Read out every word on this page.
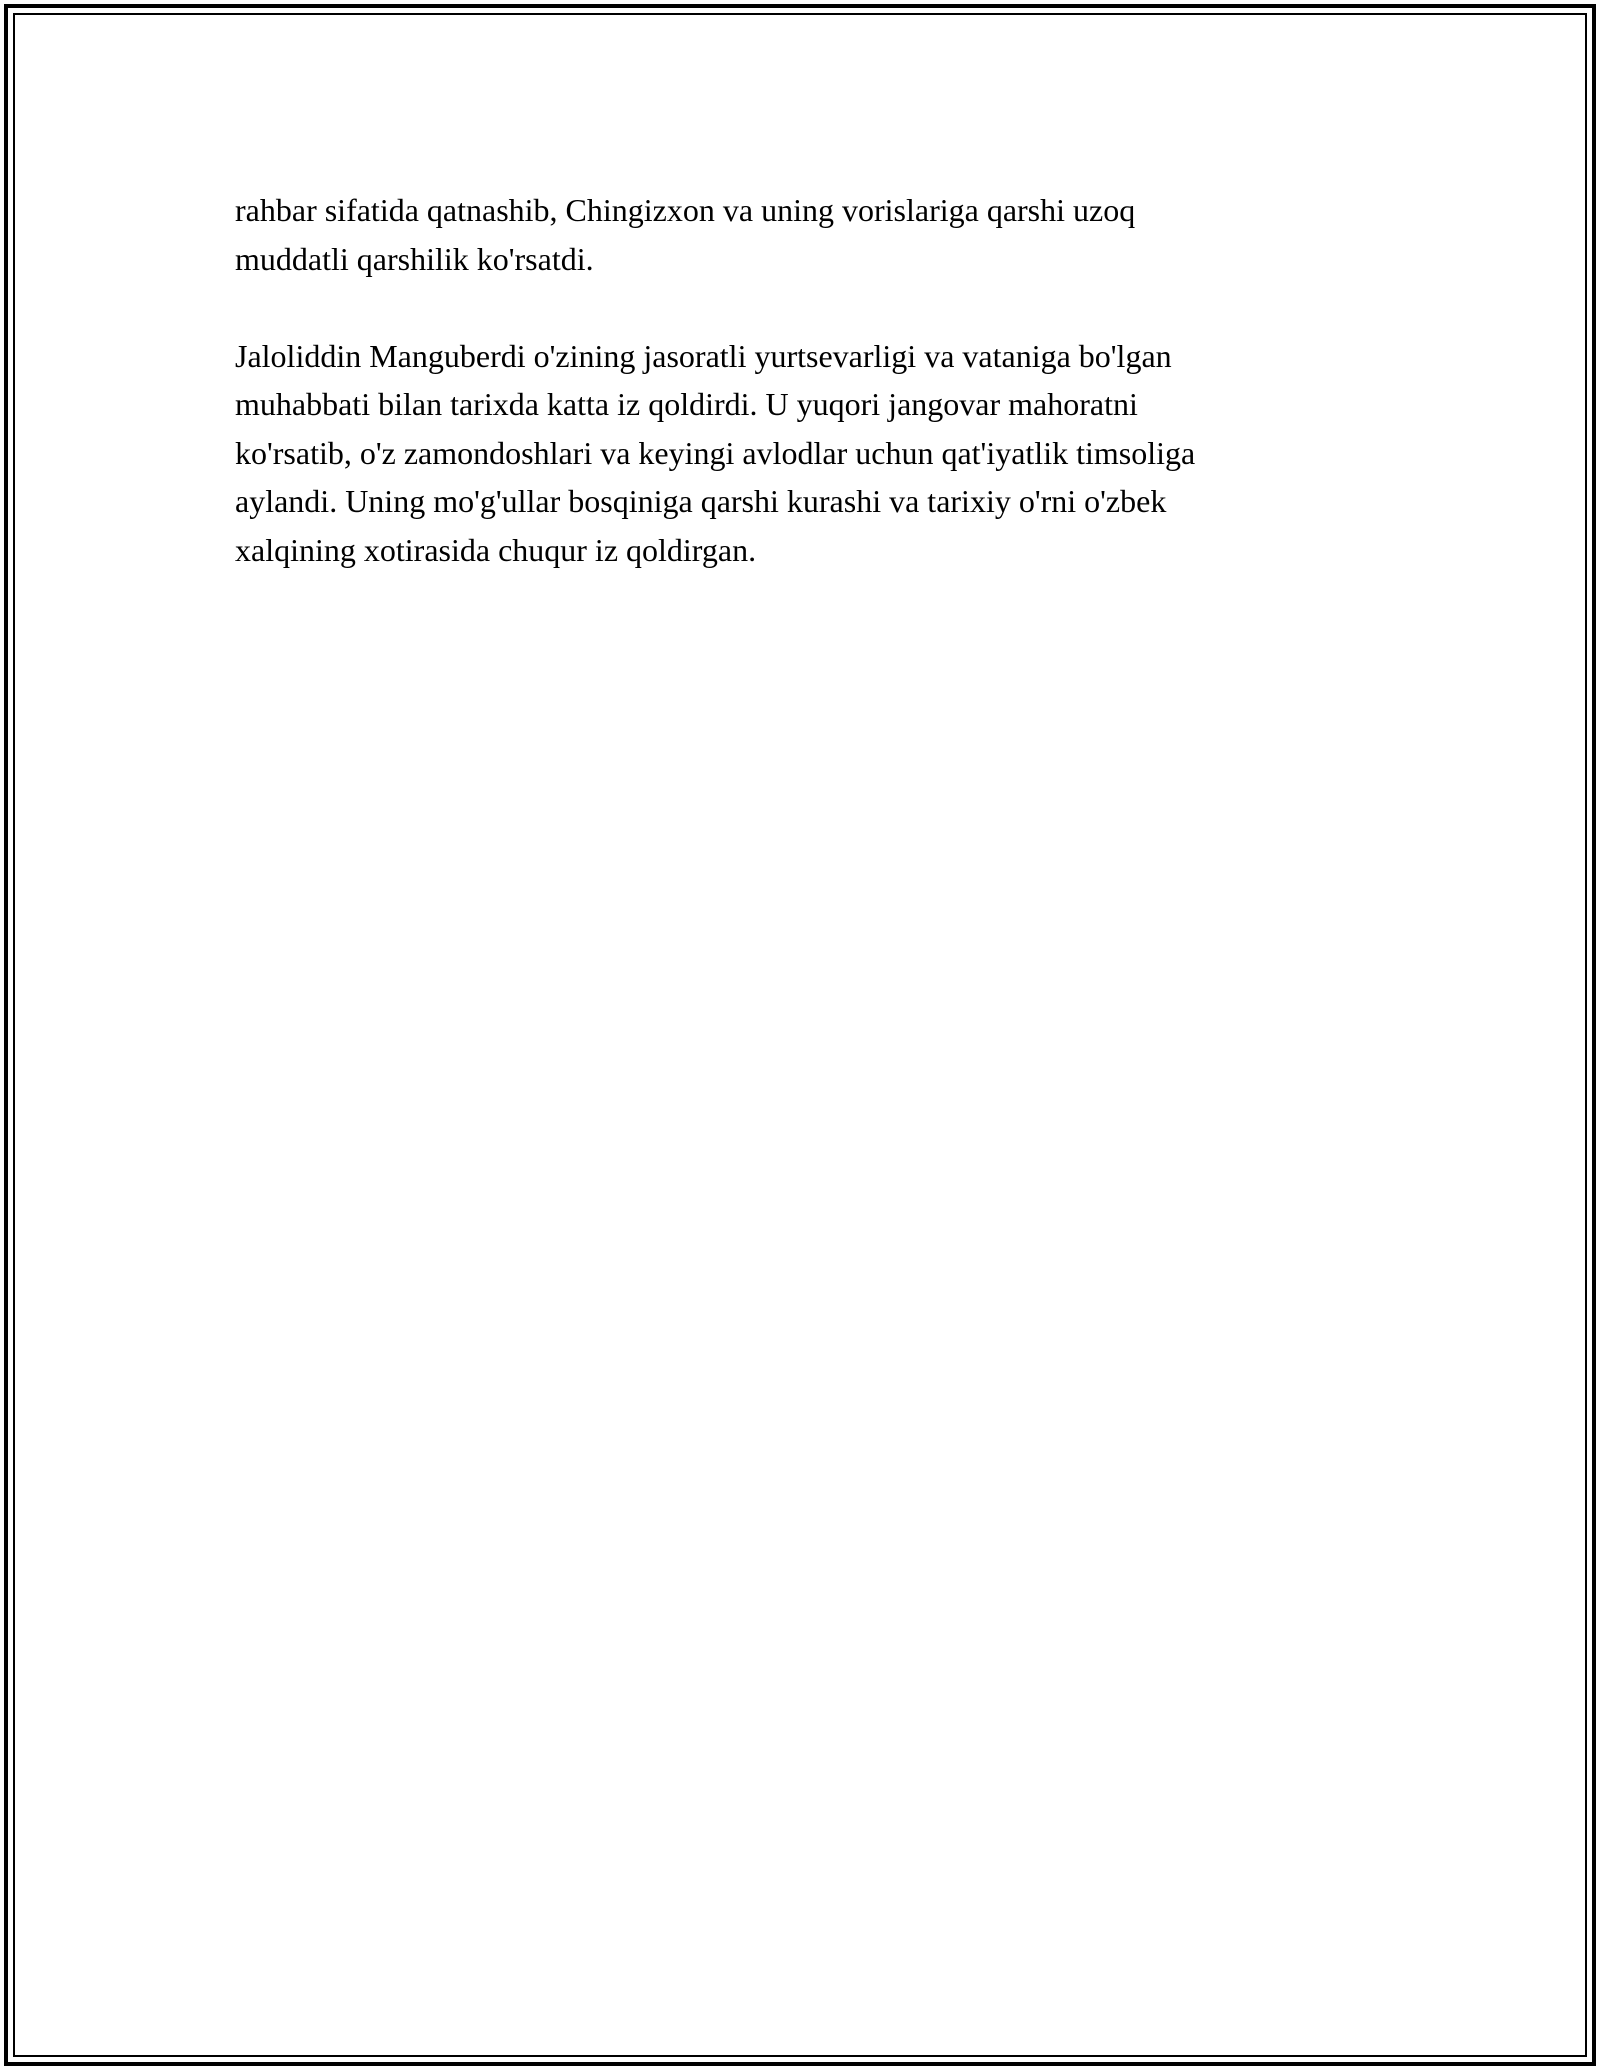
rahbar sifatida qatnashib, Chingizxon va uning vorislariga qarshi uzoq
muddatli qarshilik ko'rsatdi.

Jaloliddin Manguberdi o'zining jasoratli yurtsevarligi va vataniga bo'lgan
muhabbati bilan tarixda katta iz qoldirdi. U yuqori jangovar mahoratni
ko'rsatib, o'z zamondoshlari va keyingi avlodlar uchun qat'iyatlik timsoliga
aylandi. Uning mo'g'ullar bosqiniga qarshi kurashi va tarixiy o'rni o'zbek
xalqining xotirasida chuqur iz qoldirgan.
